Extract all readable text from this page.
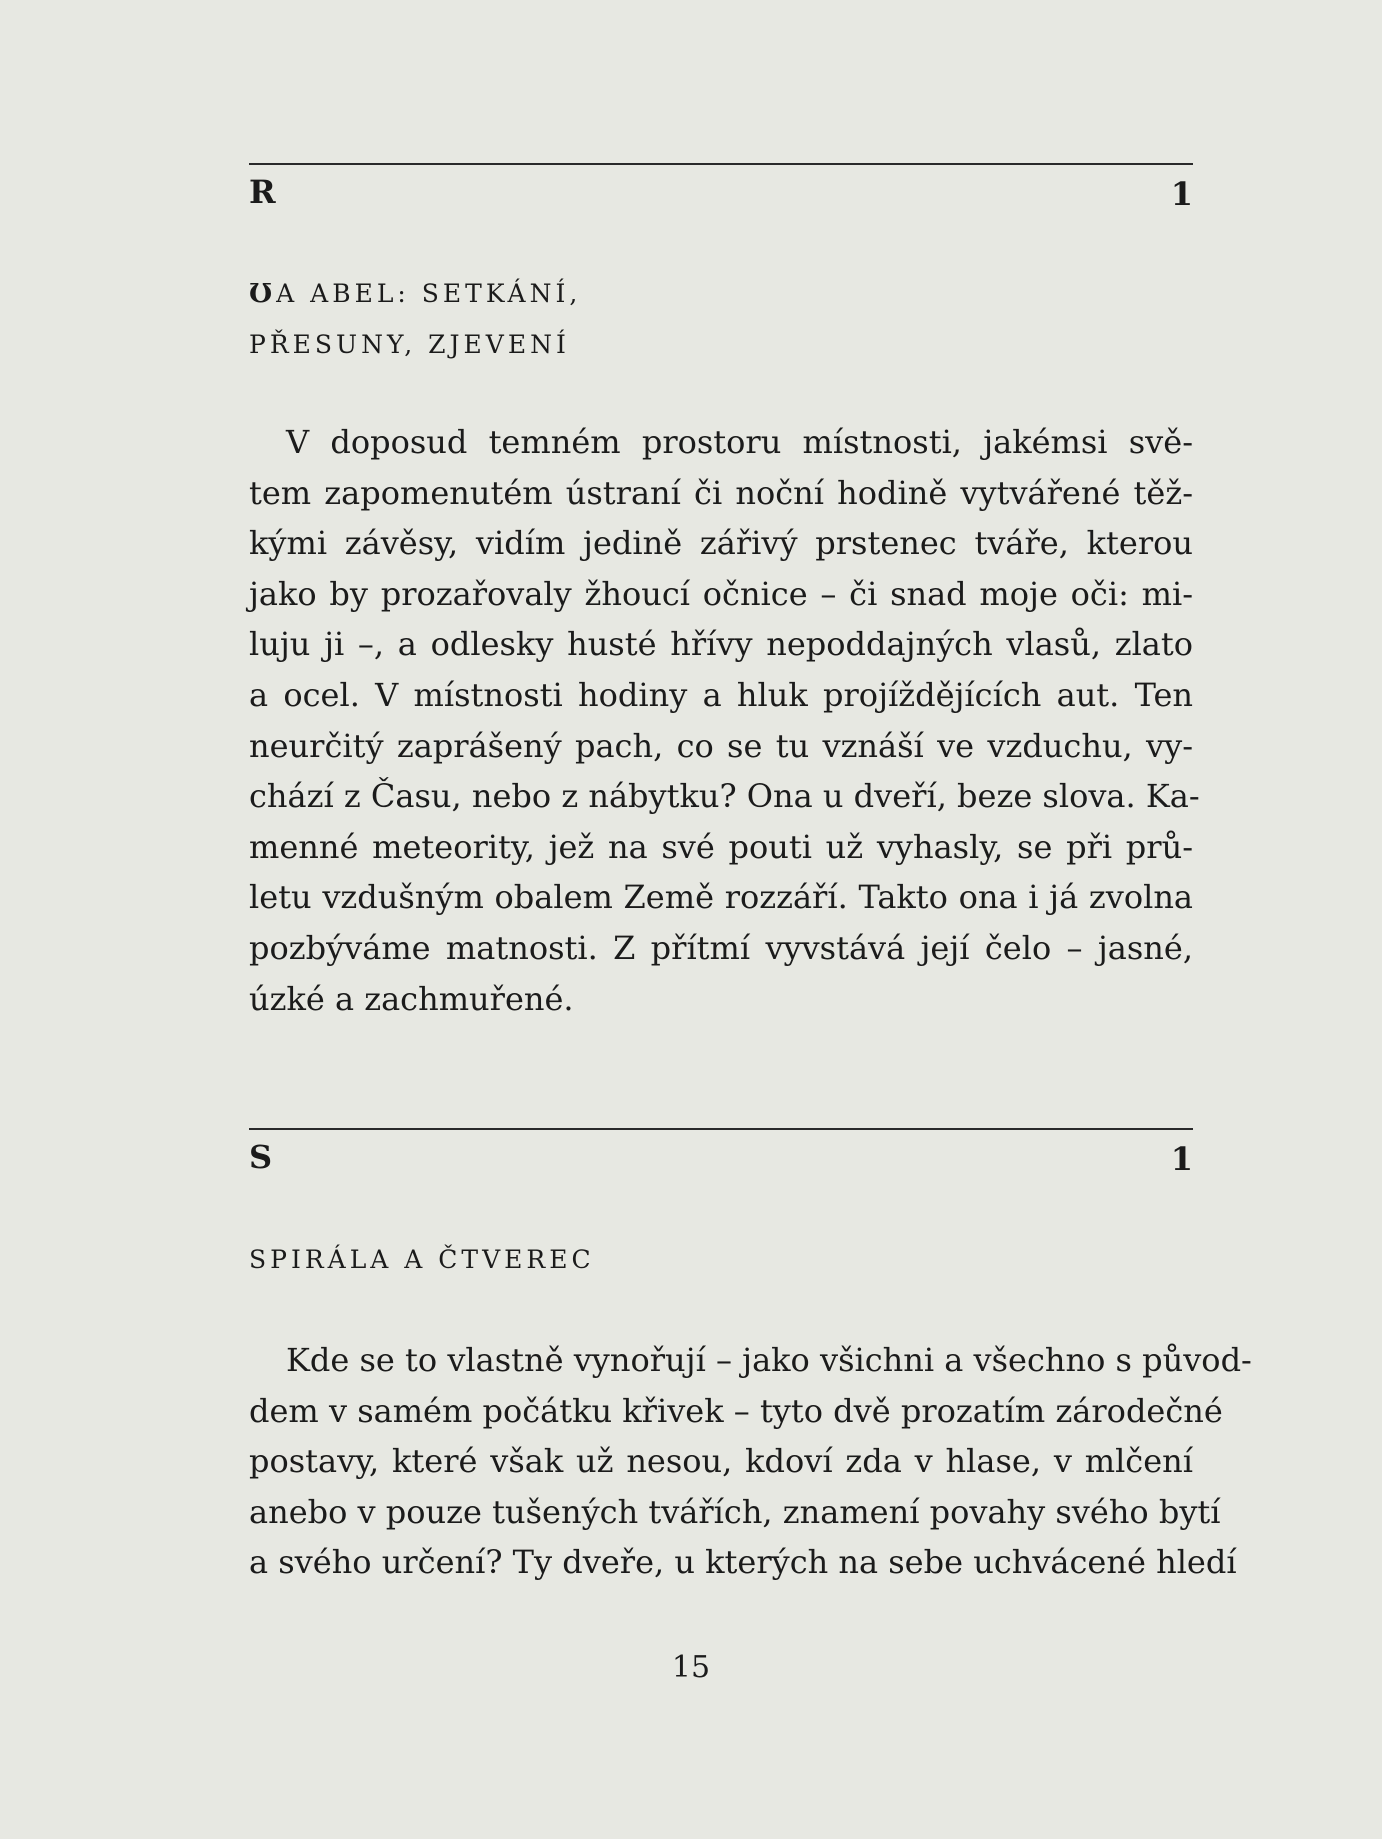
R	1
Ʊ A ABEL: SETKÁNÍ,
PŘESUNY, ZJEVENÍ
V doposud temném prostoru místnosti, jakémsi svě-
tem zapomenutém ústraní či noční hodině vytvářené těž-
kými závěsy, vidím jedině zářivý prstenec tváře, kterou
jako by prozařovaly žhoucí očnice – či snad moje oči: mi-
luju ji –, a odlesky husté hřívy nepoddajných vlasů, zlato
a ocel. V místnosti hodiny a hluk projíždějících aut. Ten
neurčitý zaprášený pach, co se tu vznáší ve vzduchu, vy-
chází z Času, nebo z nábytku? Ona u dveří, beze slova. Ka-
menné meteority, jež na své pouti už vyhasly, se při prů-
letu vzdušným obalem Země rozzáří. Takto ona i já zvolna
pozbýváme matnosti. Z přítmí vyvstává její čelo – jasné,
úzké a zachmuřené.
S	1
SPIRÁLA A ČTVEREC
Kde se to vlastně vynořují – jako všichni a všechno s původ-
dem v samém počátku křivek – tyto dvě prozatím zárodečné
postavy, které však už nesou, kdoví zda v hlase, v mlčení
anebo v pouze tušených tvářích, znamení povahy svého bytí
a svého určení? Ty dveře, u kterých na sebe uchvácené hledí
15
